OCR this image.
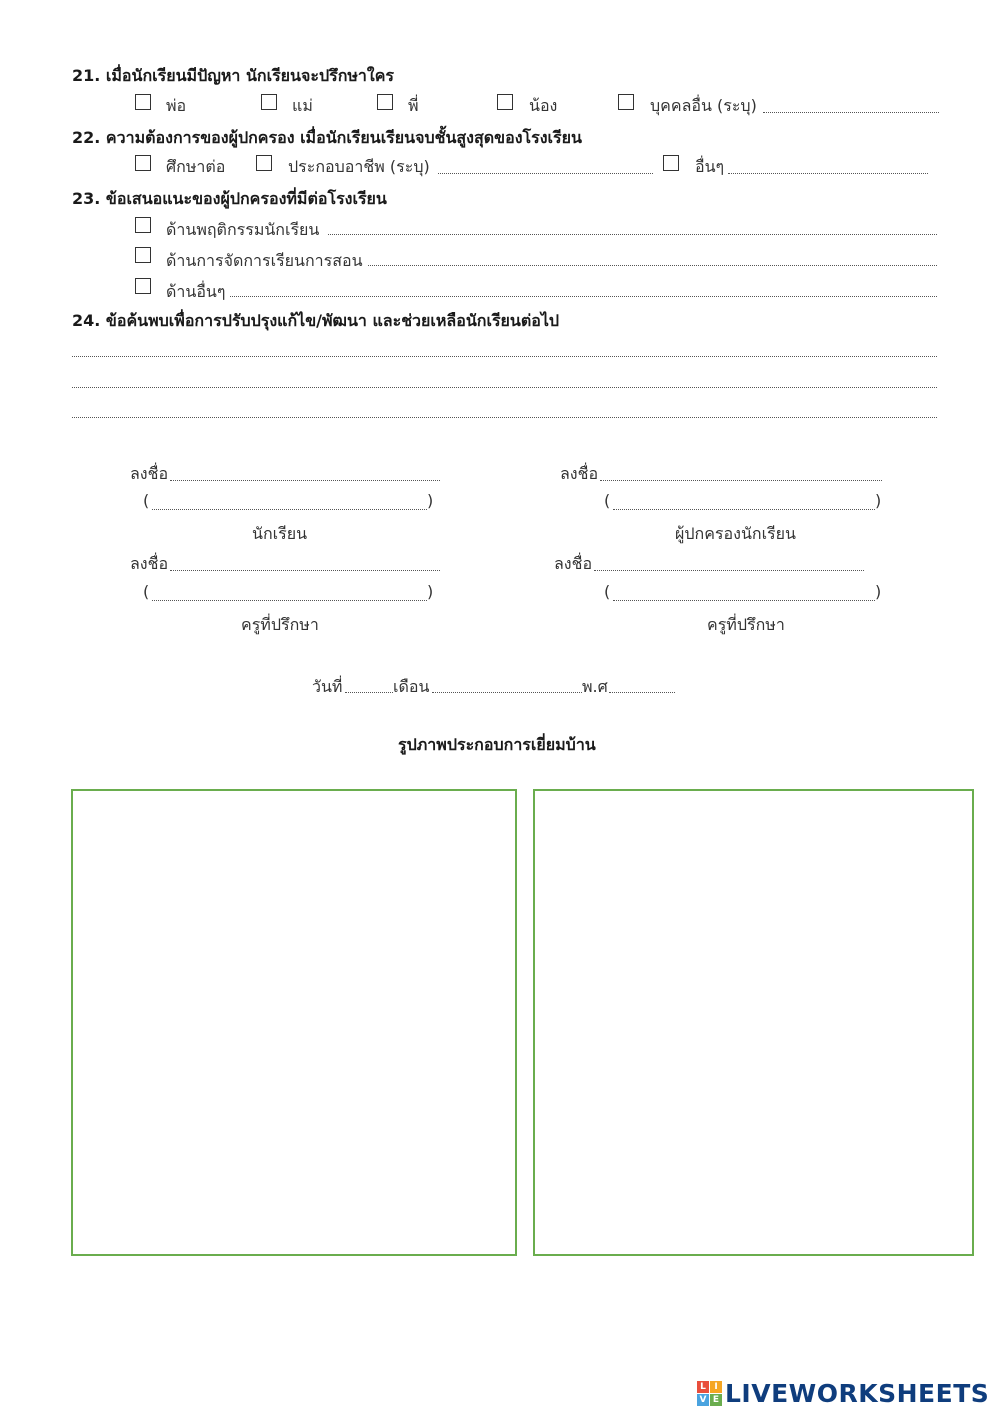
21. เมื่อนักเรียนมีปัญหา นักเรียนจะปรึกษาใคร
พ่อ	แม่	พี่	น้อง	บุคคลอื่น (ระบุ)
22. ความต้องการของผู้ปกครอง เมื่อนักเรียนเรียนจบชั้นสูงสุดของโรงเรียน
ศึกษาต่อ	ประกอบอาชีพ (ระบุ)	อื่นๆ
23. ข้อเสนอแนะของผู้ปกครองที่มีต่อโรงเรียน
ด้านพฤติกรรมนักเรียน
ด้านการจัดการเรียนการสอน
ด้านอื่นๆ
24. ข้อค้นพบเพื่อการปรับปรุงแก้ไข/พัฒนา และช่วยเหลือนักเรียนต่อไป
ลงชื่อ
(	)
นักเรียน
ลงชื่อ
(	)
ผู้ปกครองนักเรียน
ลงชื่อ
(	)
ครูที่ปรึกษา
ลงชื่อ
(	)
ครูที่ปรึกษา
วันที่	เดือน	พ.ศ
รูปภาพประกอบการเยี่ยมบ้าน
L I
V E LIVEWORKSHEETS
